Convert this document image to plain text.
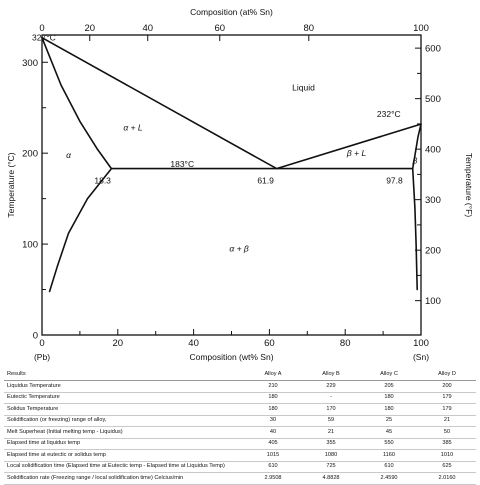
0	20	40	60	80	100
Composition (at% Sn)
0	20	40	60	80	100
Composition (wt% Sn)
(Pb)	(Sn)
0
100
200
300
Temperature (°C)
100
200
300
400
500
600
Temperature (°F)
327°C
232°C
183°C
18.3	61.9	97.8
Liquid
α + L
β + L
α
β
α + β
Results	Alloy A	Alloy B	Alloy C	Alloy D
Liquidus Temperature	210	229	205	200
Eutectic Temperature	180	-	180	179
Solidus Temperature	180	170	180	179
Solidification (or freezing) range of alloy,	30	59	25	21
Melt Superheat (Initial melting temp - Liquidus)	40	21	45	50
Elapsed time at liquidus temp	405	355	550	385
Elapsed time at eutectic or solidus temp	1015	1080	1160	1010
Local solidification time (Elapsed time at Eutectic temp - Elapsed time at Liquidus Temp)	610	725	610	625
Solidification rate (Freezing range / local solidification time) Celcius/min	2.9508	4.8828	2.4590	2.0160
